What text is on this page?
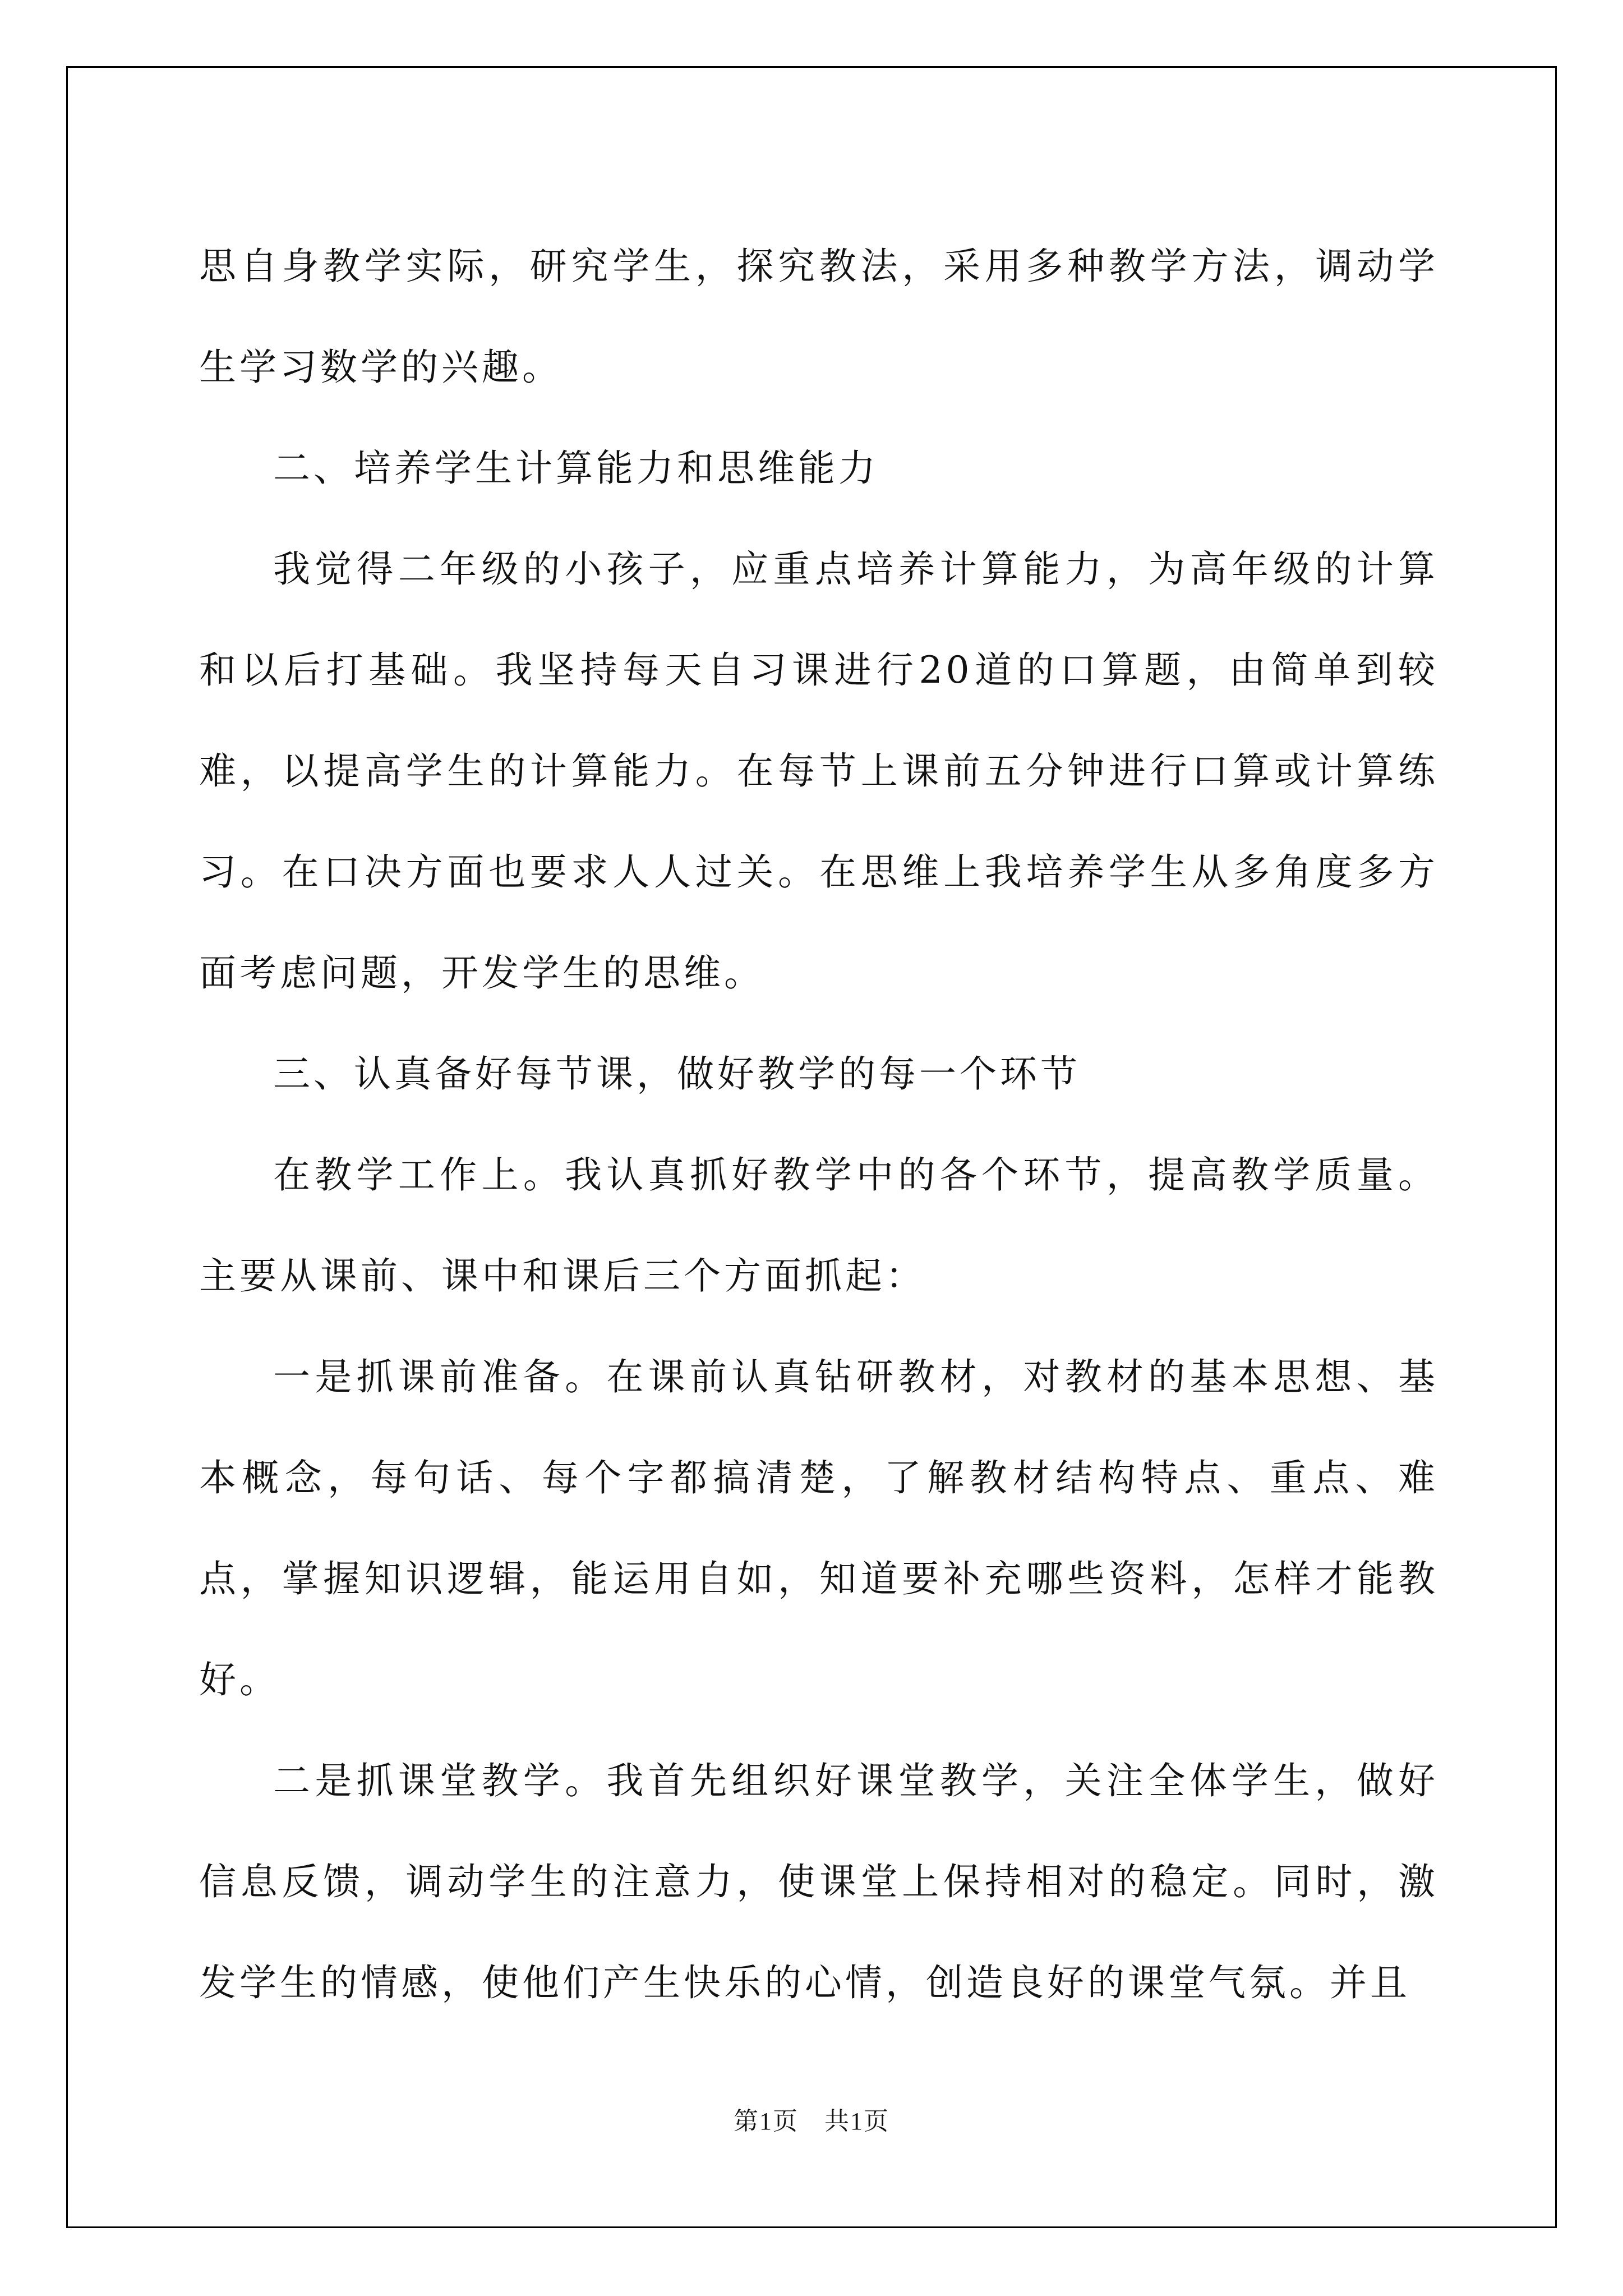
思自身教学实际，研究学生，探究教法，采用多种教学方法，调动学生学习数学的兴趣。

二、培养学生计算能力和思维能力

我觉得二年级的小孩子，应重点培养计算能力，为高年级的计算和以后打基础。我坚持每天自习课进行20道的口算题，由简单到较难，以提高学生的计算能力。在每节上课前五分钟进行口算或计算练习。在口决方面也要求人人过关。在思维上我培养学生从多角度多方面考虑问题，开发学生的思维。

三、认真备好每节课，做好教学的每一个环节

在教学工作上。我认真抓好教学中的各个环节，提高教学质量。主要从课前、课中和课后三个方面抓起：

一是抓课前准备。在课前认真钻研教材，对教材的基本思想、基本概念，每句话、每个字都搞清楚，了解教材结构特点、重点、难点，掌握知识逻辑，能运用自如，知道要补充哪些资料，怎样才能教好。

二是抓课堂教学。我首先组织好课堂教学，关注全体学生，做好信息反馈，调动学生的注意力，使课堂上保持相对的稳定。同时，激发学生的情感，使他们产生快乐的心情，创造良好的课堂气氛。并且

第1页　共1页
